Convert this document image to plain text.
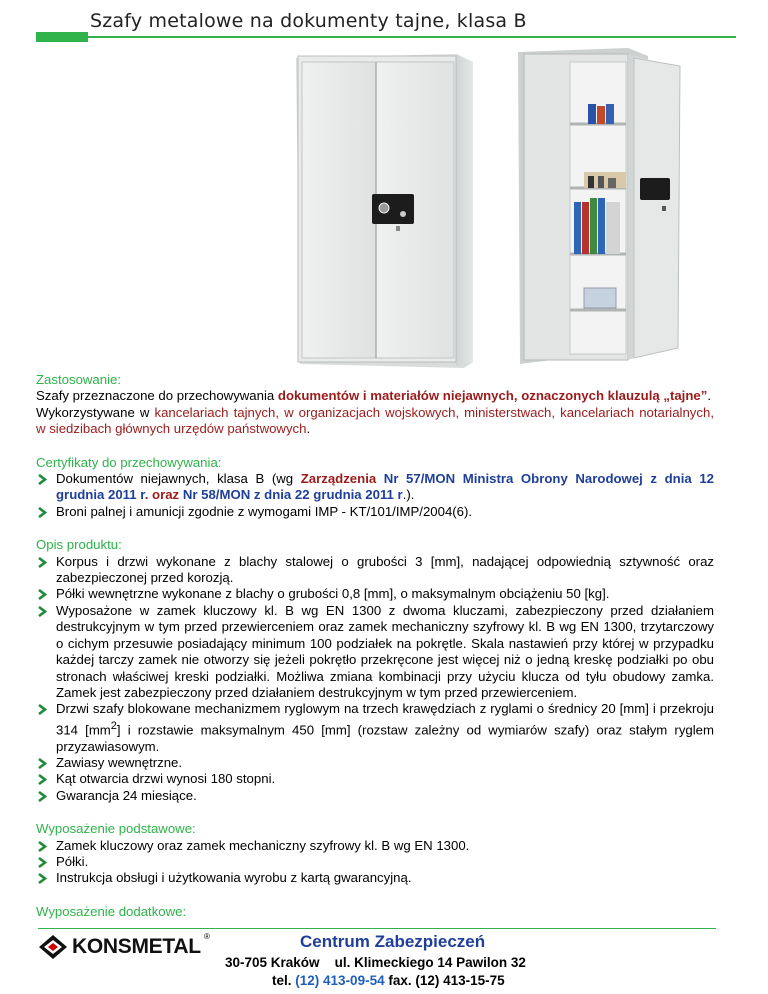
Szafy metalowe na dokumenty tajne, klasa B
Zastosowanie:
Szafy przeznaczone do przechowywania dokumentów i materiałów niejawnych, oznaczonych klauzulą „tajne”.
Wykorzystywane w kancelariach tajnych, w organizacjach wojskowych, ministerstwach, kancelariach notarialnych, w siedzibach głównych urzędów państwowych.
Certyfikaty do przechowywania:
Dokumentów niejawnych, klasa B (wg Zarządzenia Nr 57/MON Ministra Obrony Narodowej z dnia 12 grudnia 2011 r. oraz Nr 58/MON z dnia 22 grudnia 2011 r.).
Broni palnej i amunicji zgodnie z wymogami IMP - KT/101/IMP/2004(6).
Opis produktu:
Korpus i drzwi wykonane z blachy stalowej o grubości 3 [mm], nadającej odpowiednią sztywność oraz zabezpieczonej przed korozją.
Półki wewnętrzne wykonane z blachy o grubości 0,8 [mm], o maksymalnym obciążeniu 50 [kg].
Wyposażone w zamek kluczowy kl. B wg EN 1300 z dwoma kluczami, zabezpieczony przed działaniem destrukcyjnym w tym przed przewierceniem oraz zamek mechaniczny szyfrowy kl. B wg EN 1300, trzytarczowy o cichym przesuwie posiadający minimum 100 podziałek na pokrętle. Skala nastawień przy której w przypadku każdej tarczy zamek nie otworzy się jeżeli pokrętło przekręcone jest więcej niż o jedną kreskę podziałki po obu stronach właściwej kreski podziałki. Możliwa zmiana kombinacji przy użyciu klucza od tyłu obudowy zamka. Zamek jest zabezpieczony przed działaniem destrukcyjnym w tym przed przewierceniem.
Drzwi szafy blokowane mechanizmem ryglowym na trzech krawędziach z ryglami o średnicy 20 [mm] i przekroju 314 $[mm^2]$ i rozstawie maksymalnym 450 [mm] (rozstaw zależny od wymiarów szafy) oraz stałym ryglem przyzawiasowym.
Zawiasy wewnętrzne.
Kąt otwarcia drzwi wynosi 180 stopni.
Gwarancja 24 miesiące.
Wyposażenie podstawowe:
Zamek kluczowy oraz zamek mechaniczny szyfrowy kl. B wg EN 1300.
Półki.
Instrukcja obsługi i użytkowania wyrobu z kartą gwarancyjną.
Wyposażenie dodatkowe:
KONSMETAL ®	Centrum Zabezpieczeń
30-705 Kraków ul. Klimeckiego 14 Pawilon 32
tel. (12) 413-09-54 fax. (12) 413-15-75
